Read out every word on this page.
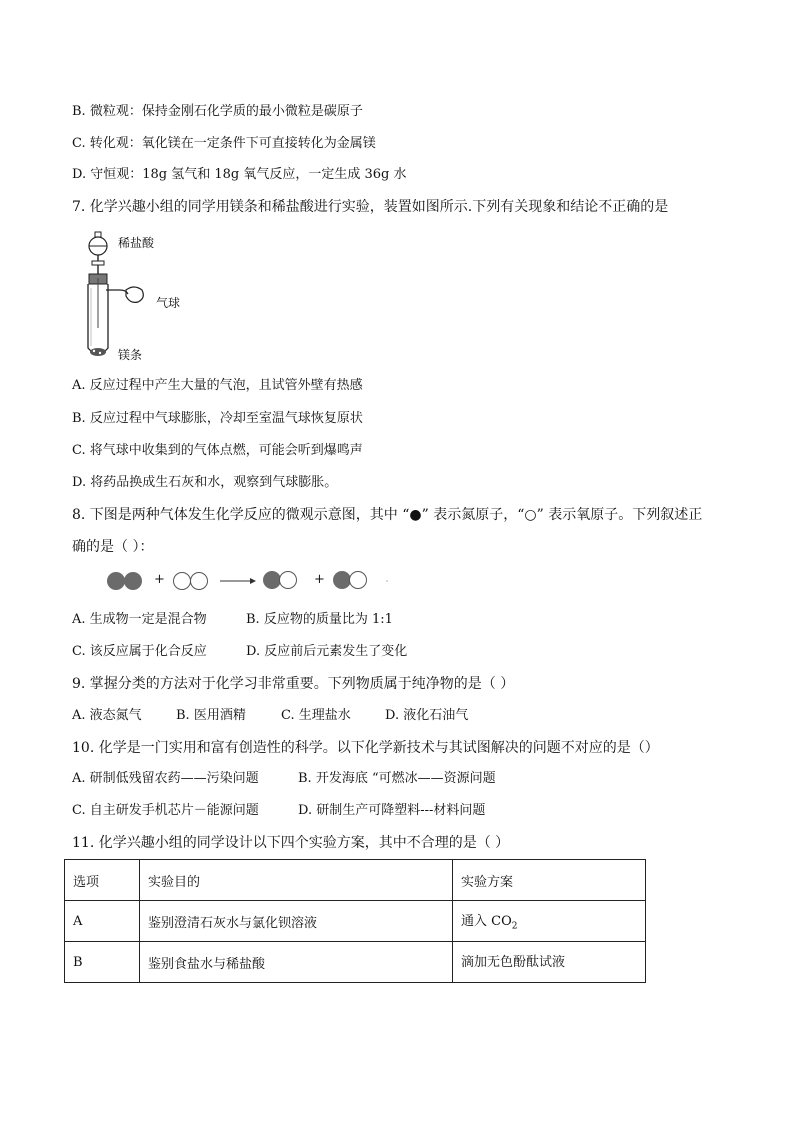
B. 微粒观：保持金刚石化学质的最小微粒是碳原子
C. 转化观：氧化镁在一定条件下可直接转化为金属镁
D. 守恒观：18g 氢气和 18g 氧气反应，一定生成 36g 水
7. 化学兴趣小组的同学用镁条和稀盐酸进行实验，装置如图所示.下列有关现象和结论不正确的是
稀盐酸
气球
镁条
A. 反应过程中产生大量的气泡，且试管外壁有热感
B. 反应过程中气球膨胀，冷却至室温气球恢复原状
C. 将气球中收集到的气体点燃，可能会听到爆鸣声
D. 将药品换成生石灰和水，观察到气球膨胀。
8. 下图是两种气体发生化学反应的微观示意图，其中 “●” 表示氮原子，“○” 表示氧原子。下列叙述正
确的是（ ）：
+	+
A. 生成物一定是混合物	B. 反应物的质量比为 1:1
C. 该反应属于化合反应	D. 反应前后元素发生了变化
9. 掌握分类的方法对于化学习非常重要。下列物质属于纯净物的是（ ）
A. 液态氮气	B. 医用酒精	C. 生理盐水	D. 液化石油气
10. 化学是一门实用和富有创造性的科学。以下化学新技术与其试图解决的问题不对应的是（）
A. 研制低残留农药——污染问题	B. 开发海底 “可燃冰——资源问题
C. 自主研发手机芯片－能源问题	D. 研制生产可降塑料---材料问题
11. 化学兴趣小组的同学设计以下四个实验方案，其中不合理的是（ ）
选项	实验目的	实验方案
A	鉴别澄清石灰水与氯化钡溶液	通入 $CO_2$
B	鉴别食盐水与稀盐酸	滴加无色酚酞试液
